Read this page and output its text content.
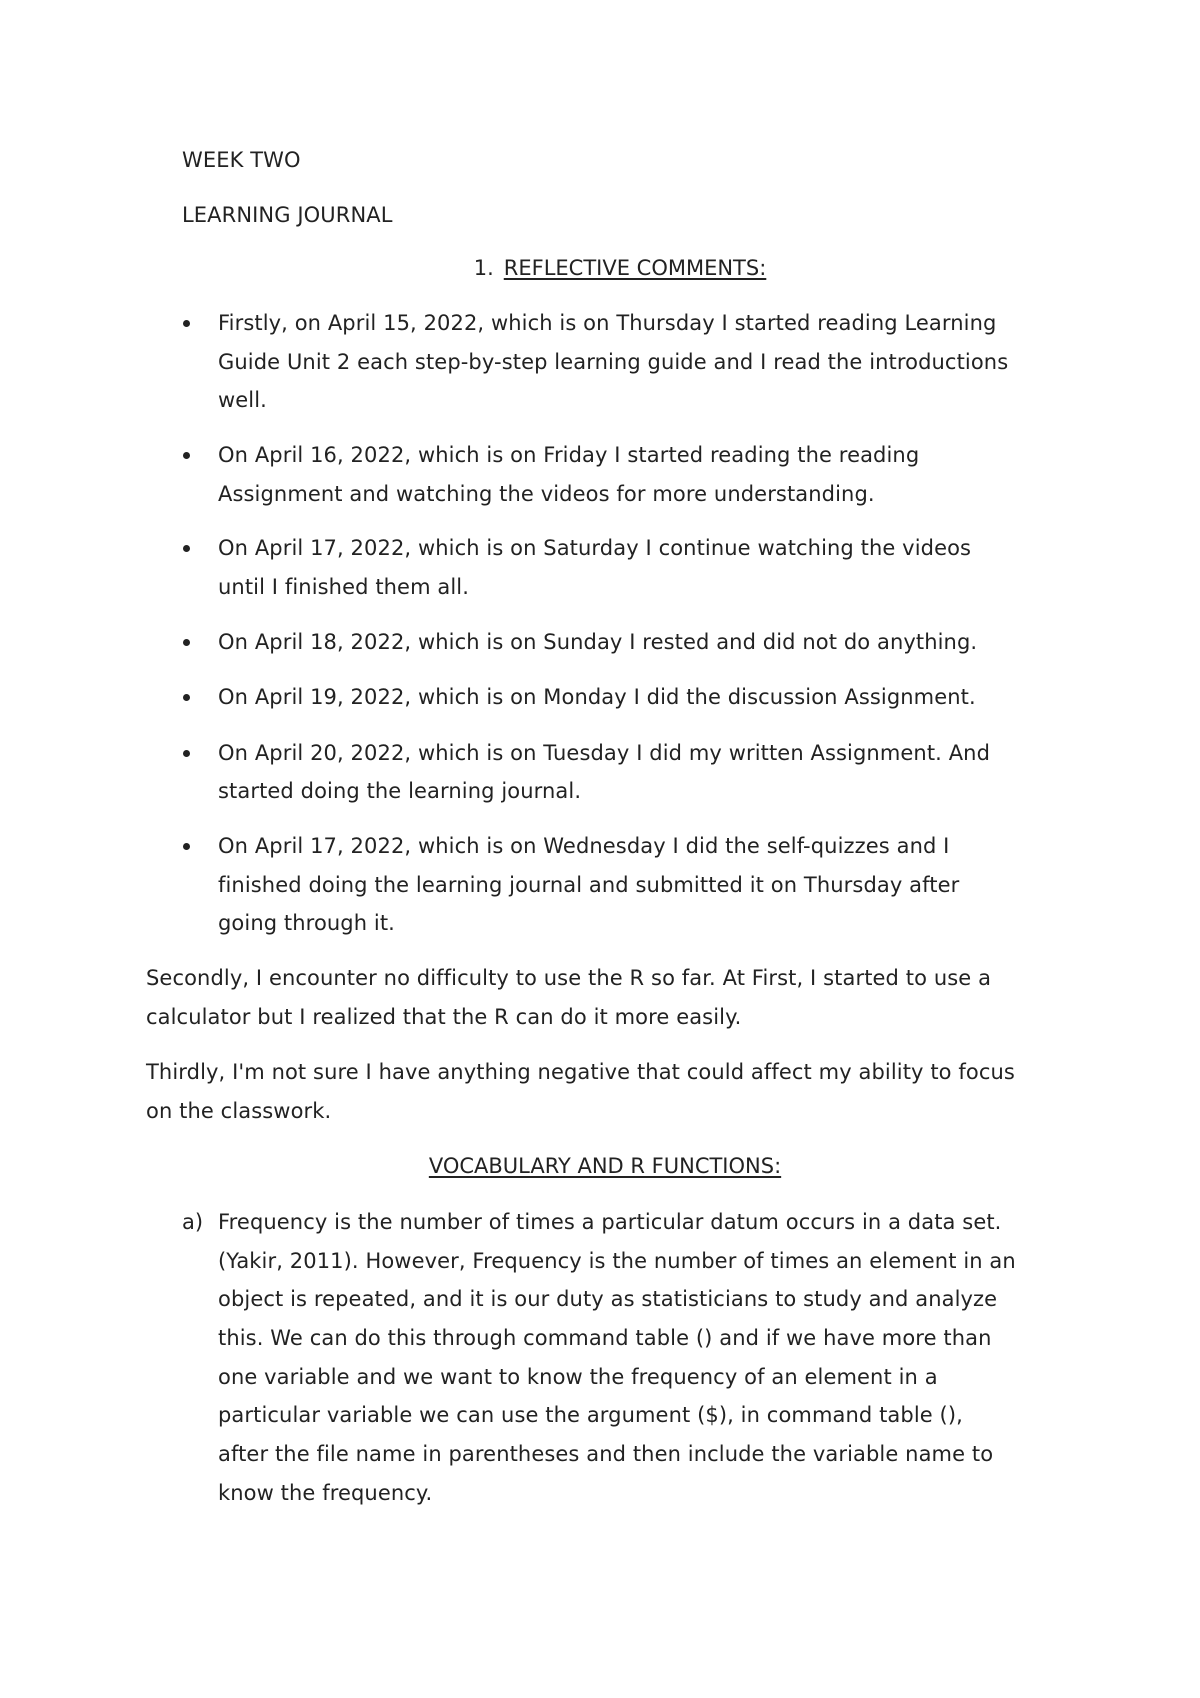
WEEK TWO
LEARNING JOURNAL
1. REFLECTIVE COMMENTS:
Firstly, on April 15, 2022, which is on Thursday I started reading Learning
Guide Unit 2 each step-by-step learning guide and I read the introductions
well.
On April 16, 2022, which is on Friday I started reading the reading
Assignment and watching the videos for more understanding.
On April 17, 2022, which is on Saturday I continue watching the videos
until I finished them all.
On April 18, 2022, which is on Sunday I rested and did not do anything.
On April 19, 2022, which is on Monday I did the discussion Assignment.
On April 20, 2022, which is on Tuesday I did my written Assignment. And
started doing the learning journal.
On April 17, 2022, which is on Wednesday I did the self-quizzes and I
finished doing the learning journal and submitted it on Thursday after
going through it.
Secondly, I encounter no difficulty to use the R so far. At First, I started to use a
calculator but I realized that the R can do it more easily.
Thirdly, I'm not sure I have anything negative that could affect my ability to focus
on the classwork.
VOCABULARY AND R FUNCTIONS:
a) Frequency is the number of times a particular datum occurs in a data set.
(Yakir, 2011). However, Frequency is the number of times an element in an
object is repeated, and it is our duty as statisticians to study and analyze
this. We can do this through command table () and if we have more than
one variable and we want to know the frequency of an element in a
particular variable we can use the argument ($), in command table (),
after the file name in parentheses and then include the variable name to
know the frequency.
